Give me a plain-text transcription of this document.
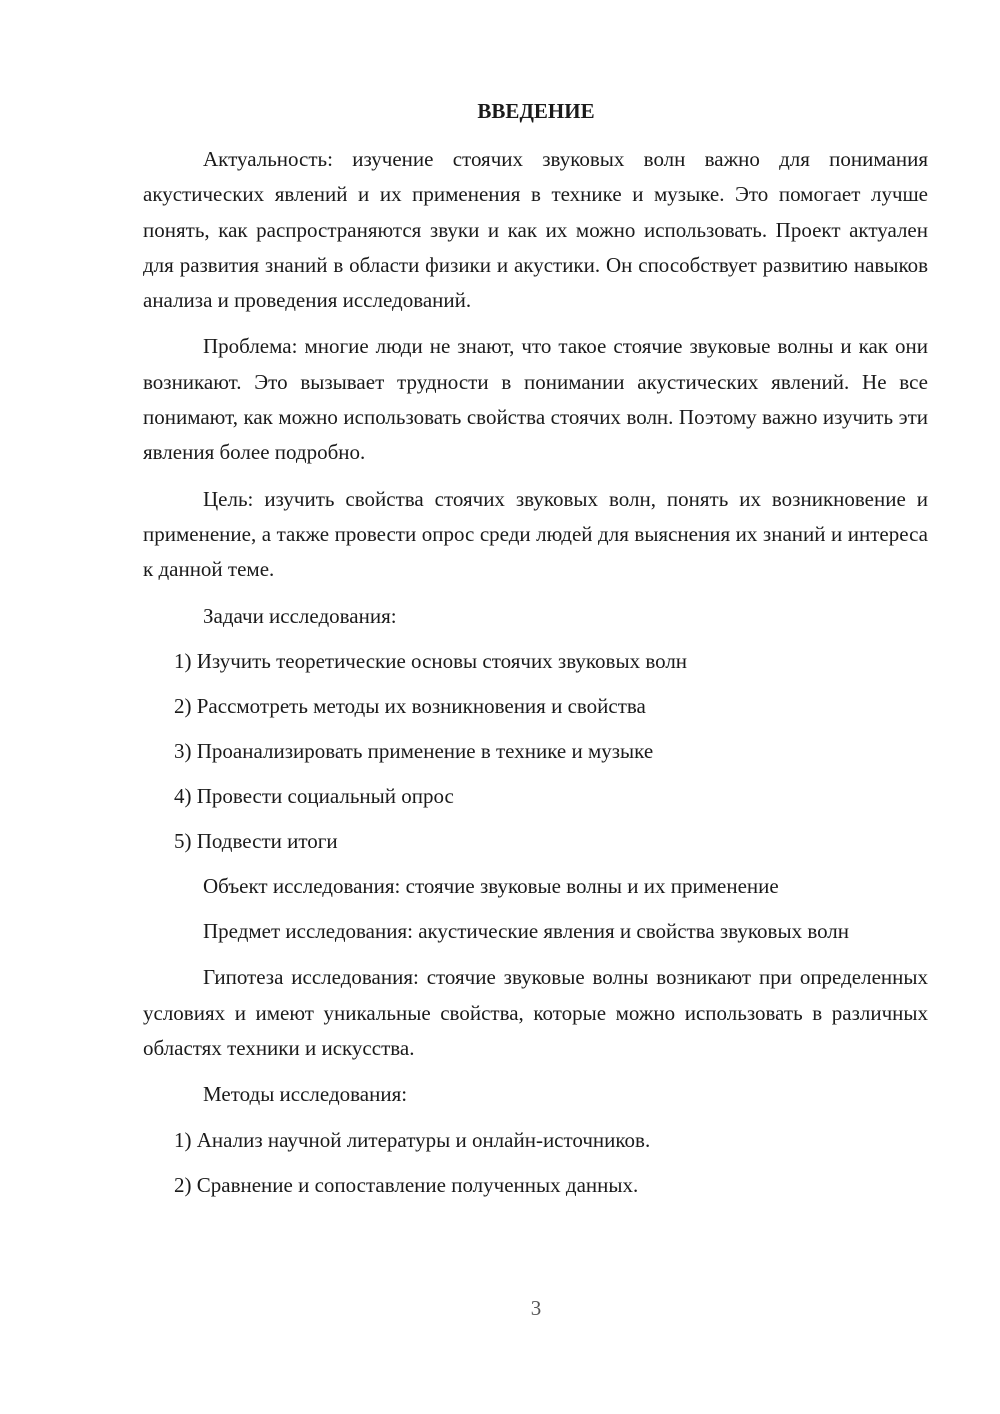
ВВЕДЕНИЕ

Актуальность: изучение стоячих звуковых волн важно для понимания акустических явлений и их применения в технике и музыке. Это помогает лучше понять, как распространяются звуки и как их можно использовать. Проект актуален для развития знаний в области физики и акустики. Он способствует развитию навыков анализа и проведения исследований.

Проблема: многие люди не знают, что такое стоячие звуковые волны и как они возникают. Это вызывает трудности в понимании акустических явлений. Не все понимают, как можно использовать свойства стоячих волн. Поэтому важно изучить эти явления более подробно.

Цель: изучить свойства стоячих звуковых волн, понять их возникновение и применение, а также провести опрос среди людей для выяснения их знаний и интереса к данной теме.

Задачи исследования:

1) Изучить теоретические основы стоячих звуковых волн

2) Рассмотреть методы их возникновения и свойства

3) Проанализировать применение в технике и музыке

4) Провести социальный опрос

5) Подвести итоги

Объект исследования: стоячие звуковые волны и их применение

Предмет исследования: акустические явления и свойства звуковых волн

Гипотеза исследования: стоячие звуковые волны возникают при определенных условиях и имеют уникальные свойства, которые можно использовать в различных областях техники и искусства.

Методы исследования:

1) Анализ научной литературы и онлайн-источников.

2) Сравнение и сопоставление полученных данных.

3
